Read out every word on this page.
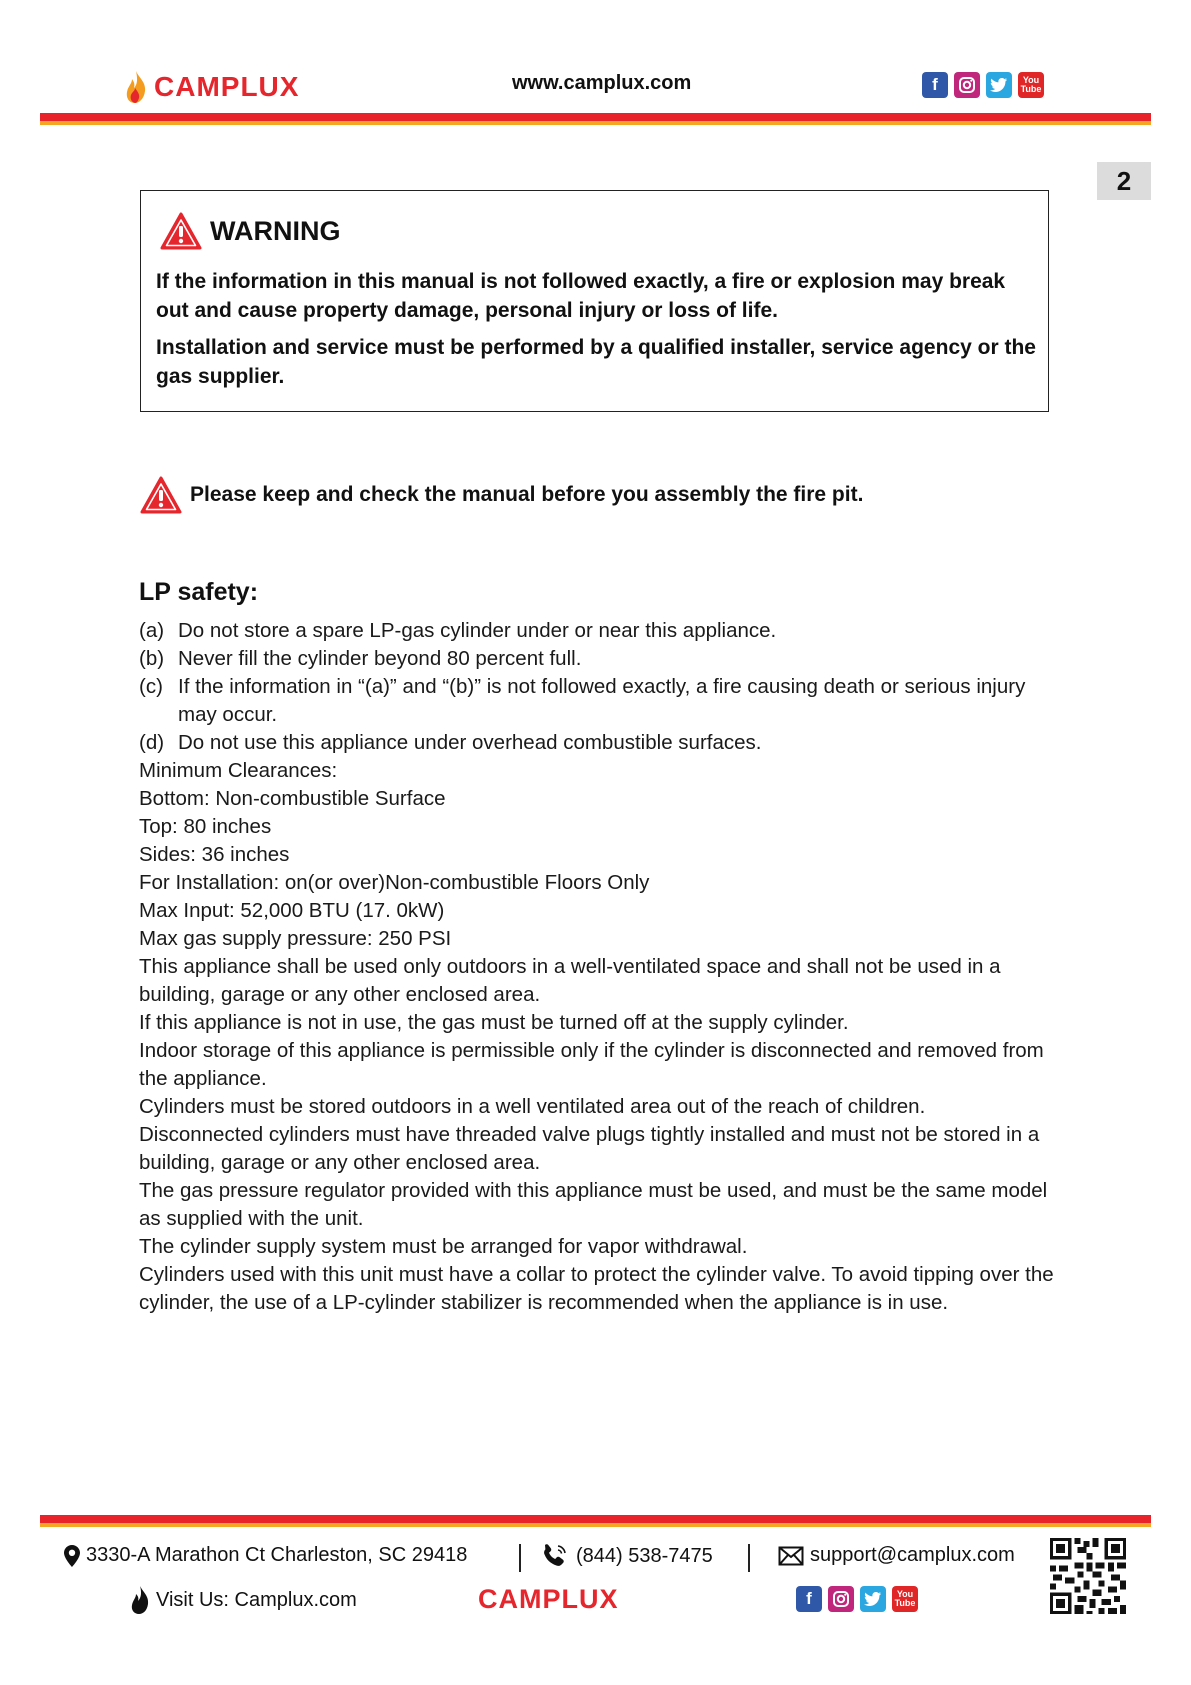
CAMPLUX	www.camplux.com	f	You
Tube
2
WARNING
If the information in this manual is not followed exactly, a fire or explosion may break out and cause property damage, personal injury or loss of life.
Installation and service must be performed by a qualified installer, service agency or the gas supplier.
Please keep and check the manual before you assembly the fire pit.
LP safety:
(a) Do not store a spare LP-gas cylinder under or near this appliance.
(b) Never fill the cylinder beyond 80 percent full.
(c) If the information in “(a)” and “(b)” is not followed exactly, a fire causing death or serious injury may occur.
(d) Do not use this appliance under overhead combustible surfaces.
Minimum Clearances:
Bottom: Non-combustible Surface
Top: 80 inches
Sides: 36 inches
For Installation: on(or over)Non-combustible Floors Only
Max Input: 52,000 BTU (17. 0kW)
Max gas supply pressure: 250 PSI
This appliance shall be used only outdoors in a well-ventilated space and shall not be used in a building, garage or any other enclosed area.
If this appliance is not in use, the gas must be turned off at the supply cylinder.
Indoor storage of this appliance is permissible only if the cylinder is disconnected and removed from the appliance.
Cylinders must be stored outdoors in a well ventilated area out of the reach of children.
Disconnected cylinders must have threaded valve plugs tightly installed and must not be stored in a building, garage or any other enclosed area.
The gas pressure regulator provided with this appliance must be used, and must be the same model as supplied with the unit.
The cylinder supply system must be arranged for vapor withdrawal.
Cylinders used with this unit must have a collar to protect the cylinder valve. To avoid tipping over the cylinder, the use of a LP-cylinder stabilizer is recommended when the appliance is in use.
3330-A Marathon Ct Charleston, SC 29418	(844) 538-7475	support@camplux.com
Visit Us: Camplux.com	CAMPLUX	f	You
Tube
